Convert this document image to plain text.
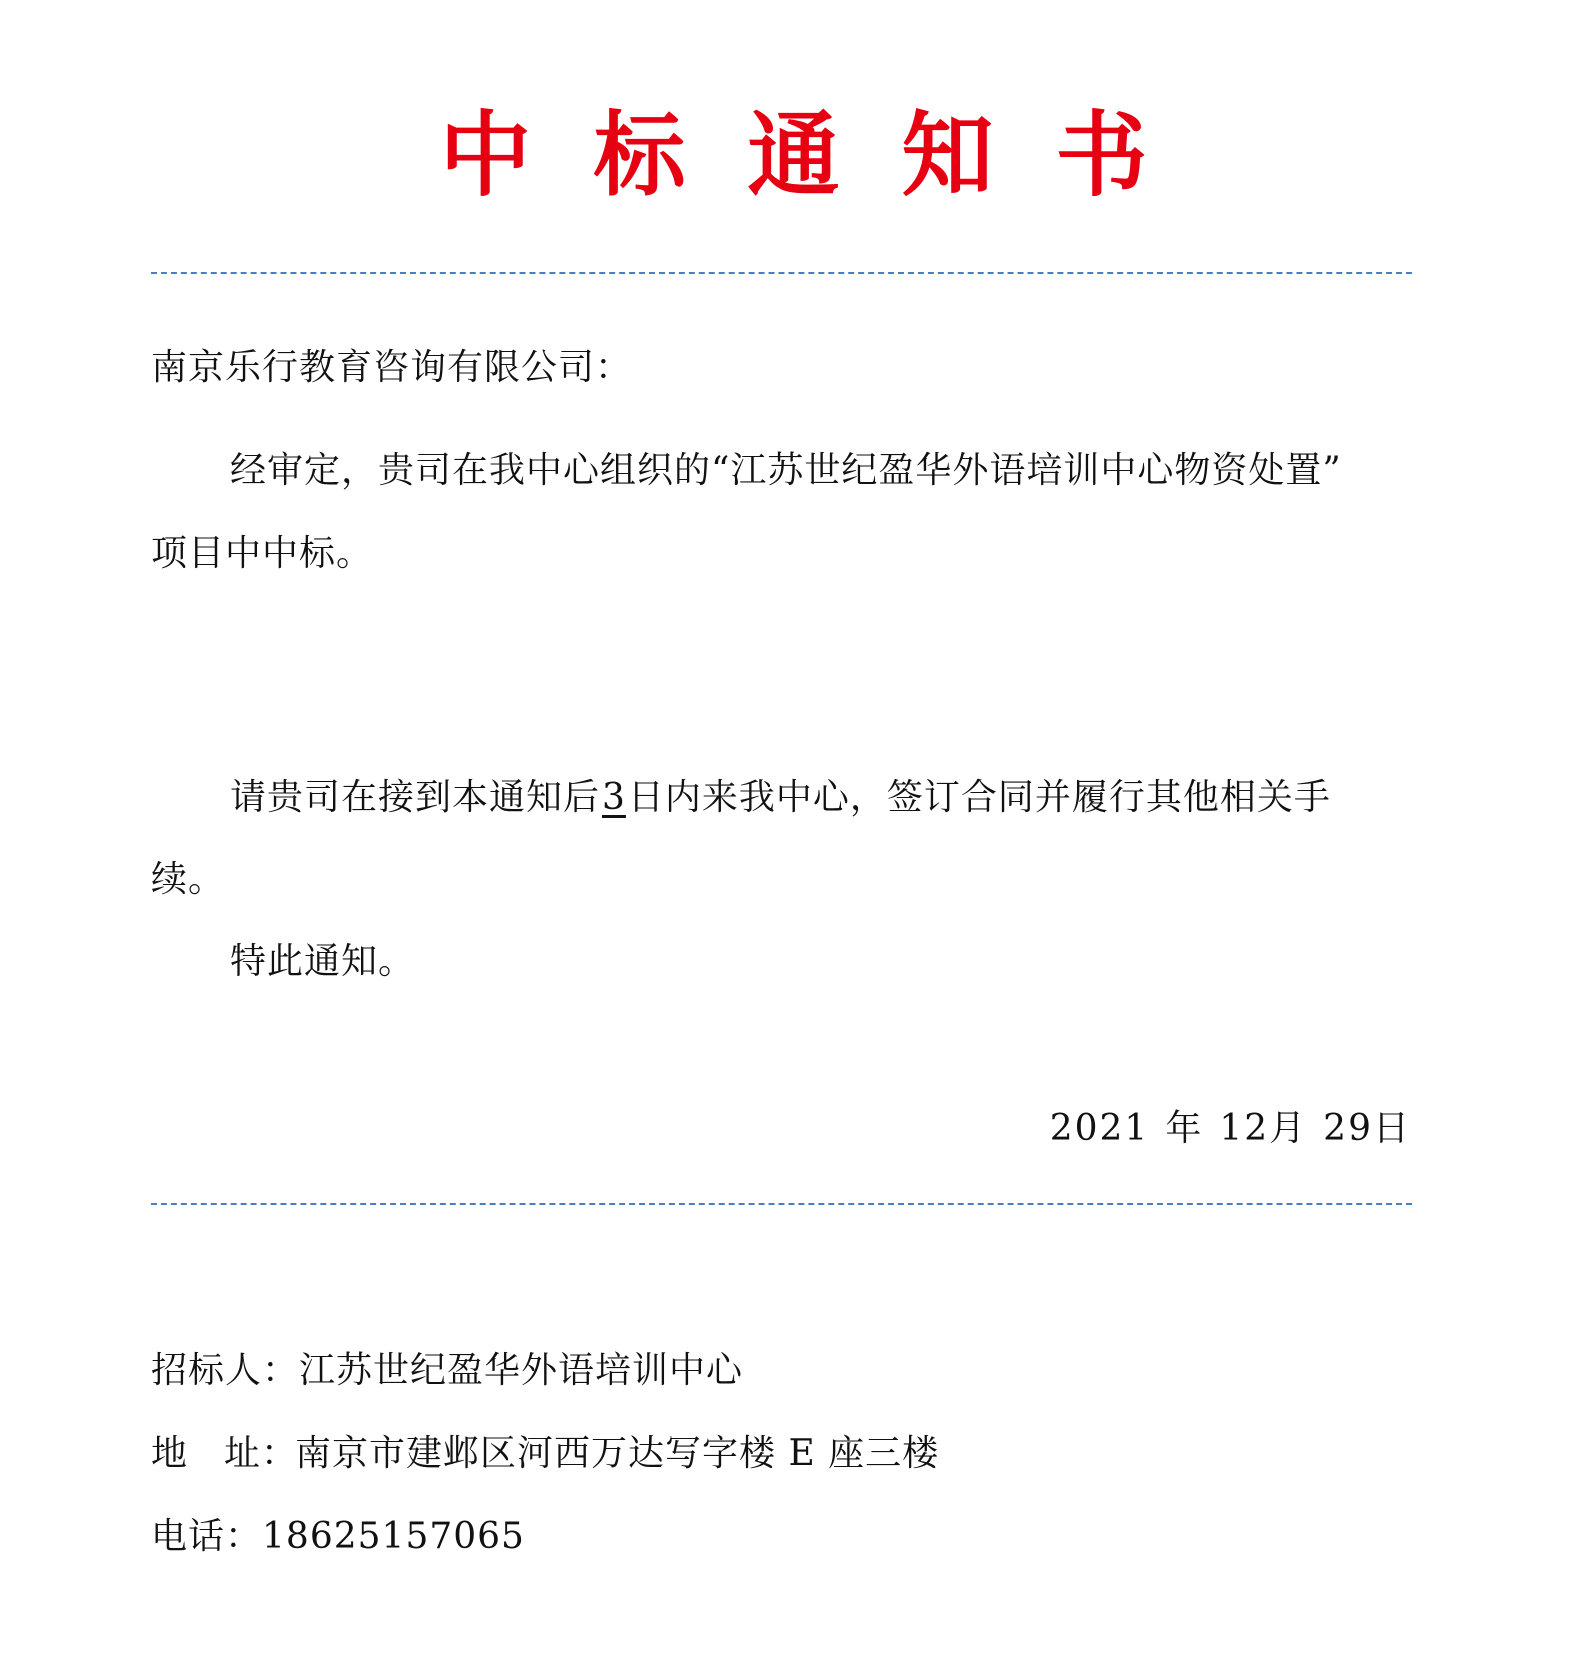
中标通知书
南京乐行教育咨询有限公司：
经审定，贵司在我中心组织的“江苏世纪盈华外语培训中心物资处置”
项目中中标。
请贵司在接到本通知后3日内来我中心，签订合同并履行其他相关手
续。
特此通知。
2021 年 12月 29日
招标人：江苏世纪盈华外语培训中心
地 址：南京市建邺区河西万达写字楼 E 座三楼
电话：18625157065
